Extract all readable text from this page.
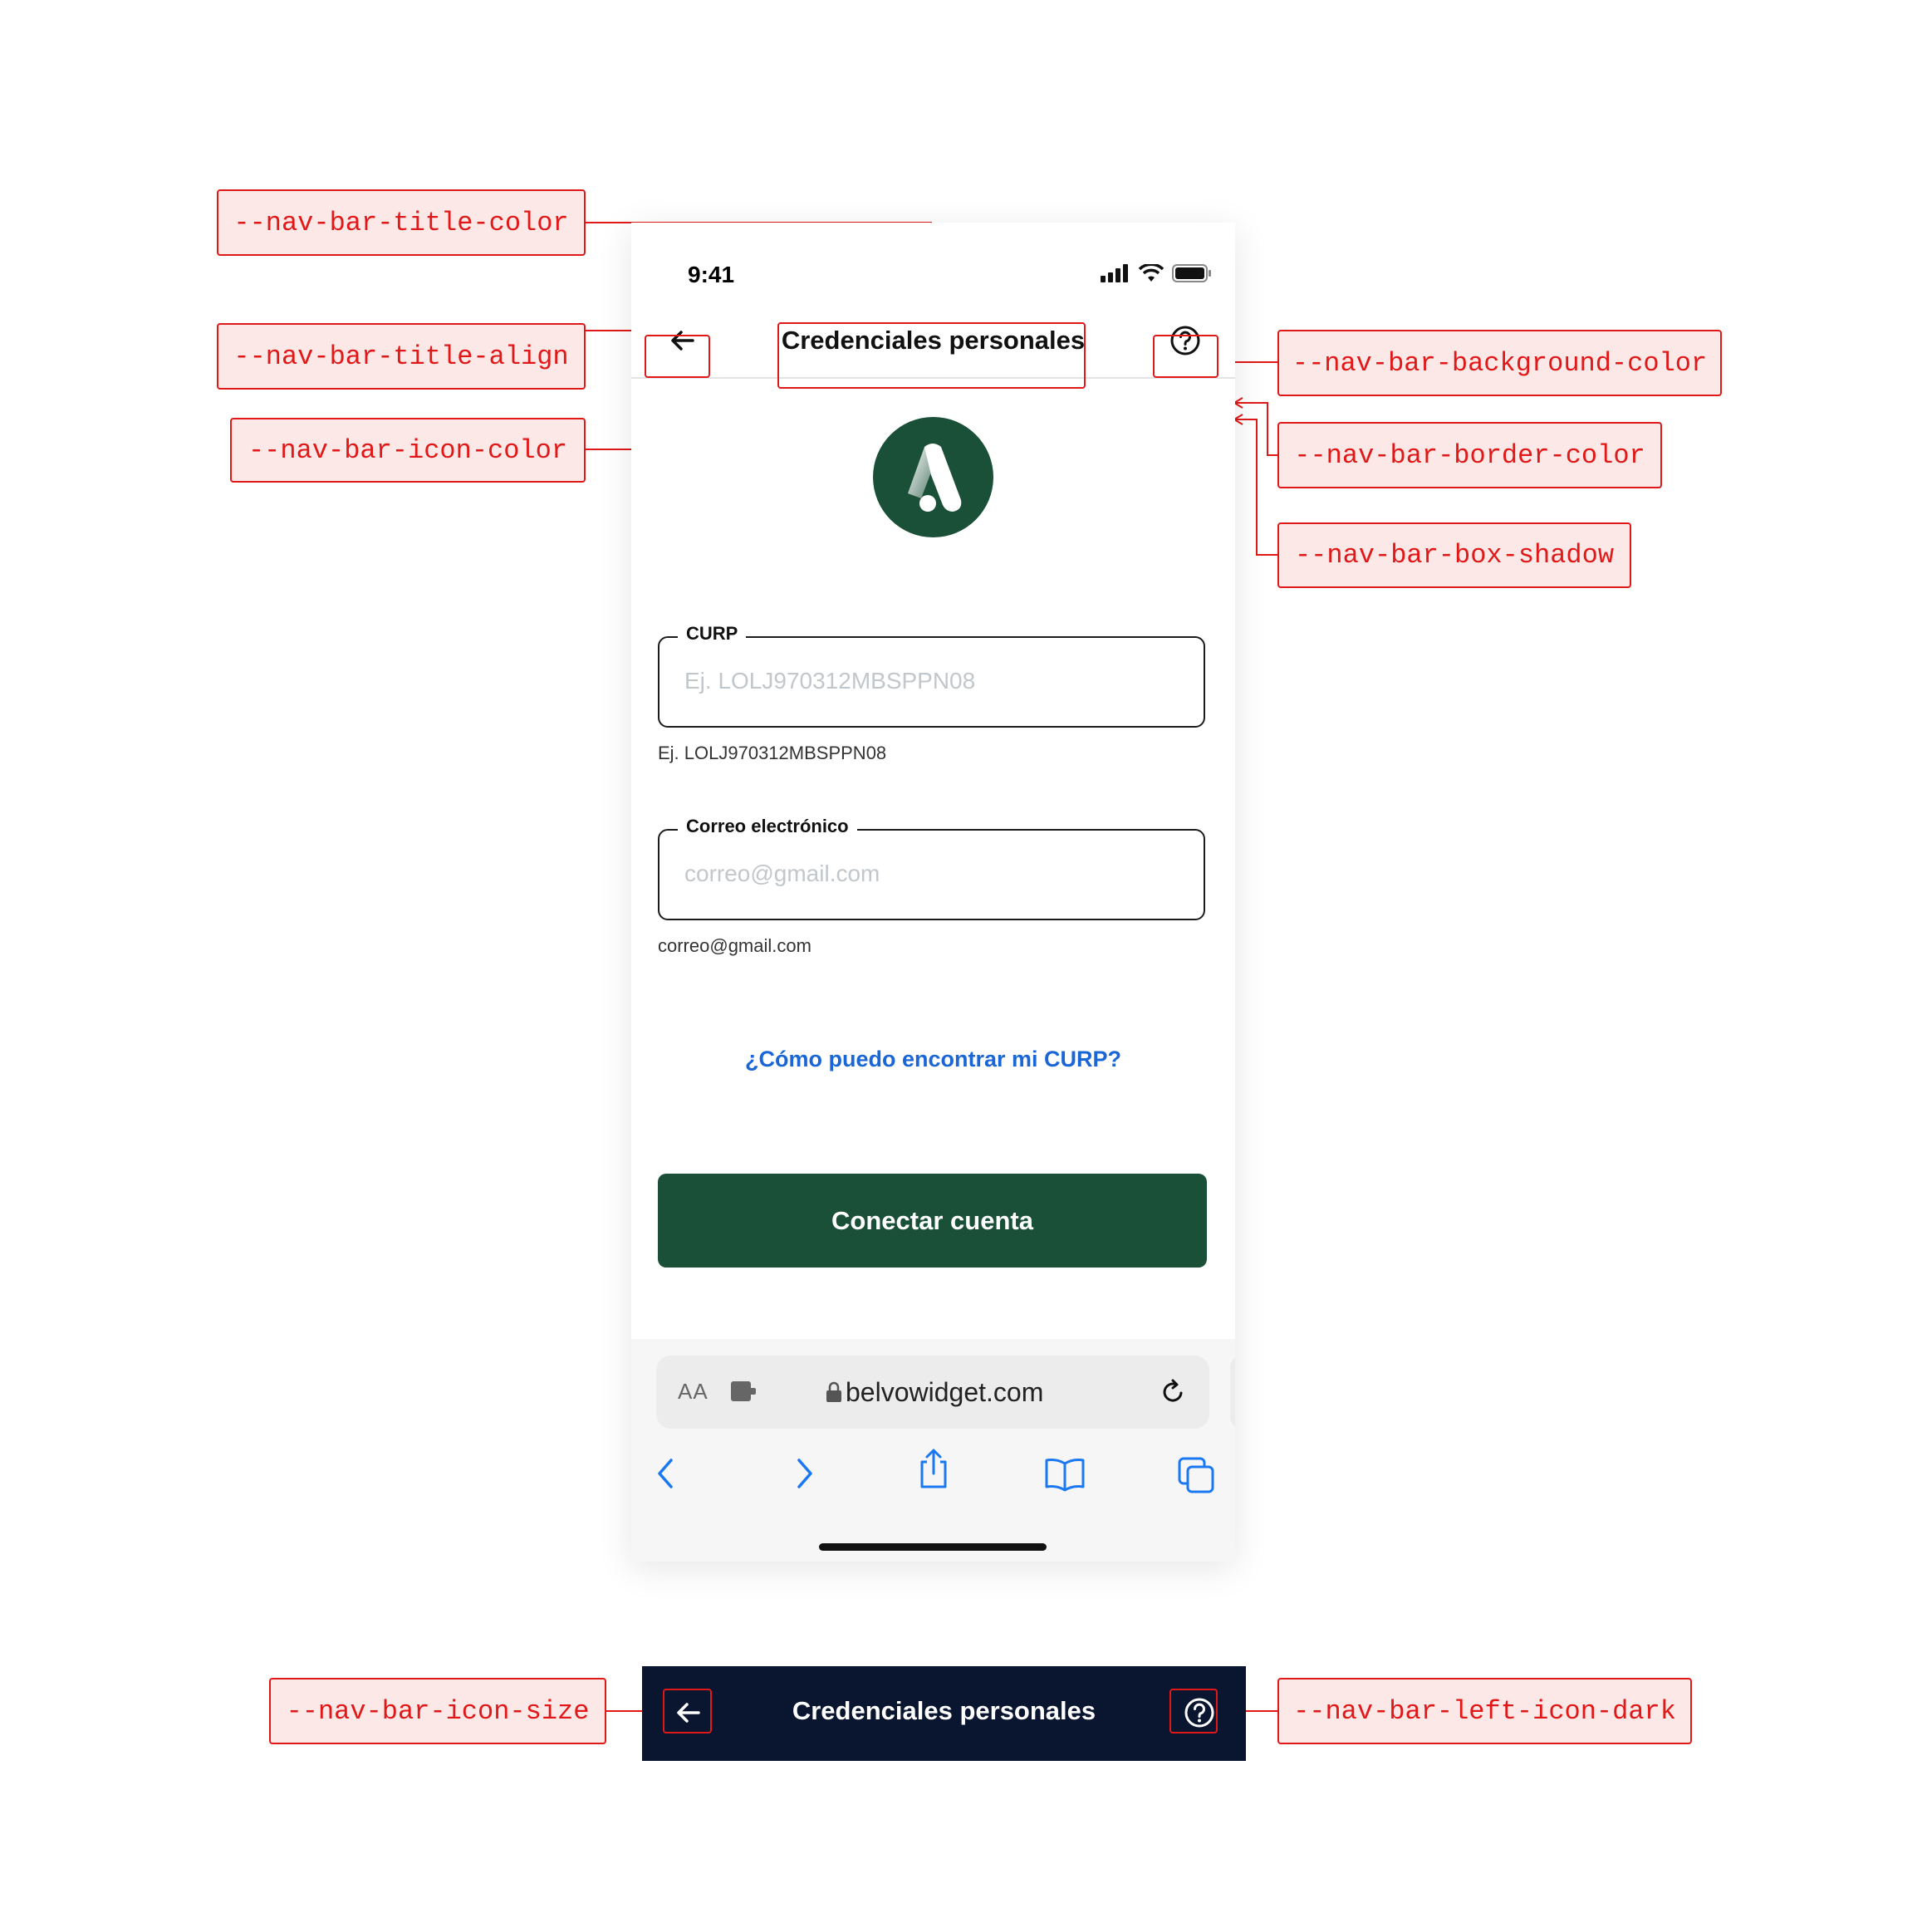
9:41
Credenciales personales
CURP
Ej. LOLJ970312MBSPPN08
Ej. LOLJ970312MBSPPN08
Correo electrónico
correo@gmail.com
correo@gmail.com
¿Cómo puedo encontrar mi CURP?
Conectar cuenta
AA	belvowidget.com
--nav-bar-title-color
--nav-bar-title-align
--nav-bar-icon-color
--nav-bar-background-color
--nav-bar-border-color
--nav-bar-box-shadow
--nav-bar-icon-size	--nav-bar-left-icon-dark
Credenciales personales
